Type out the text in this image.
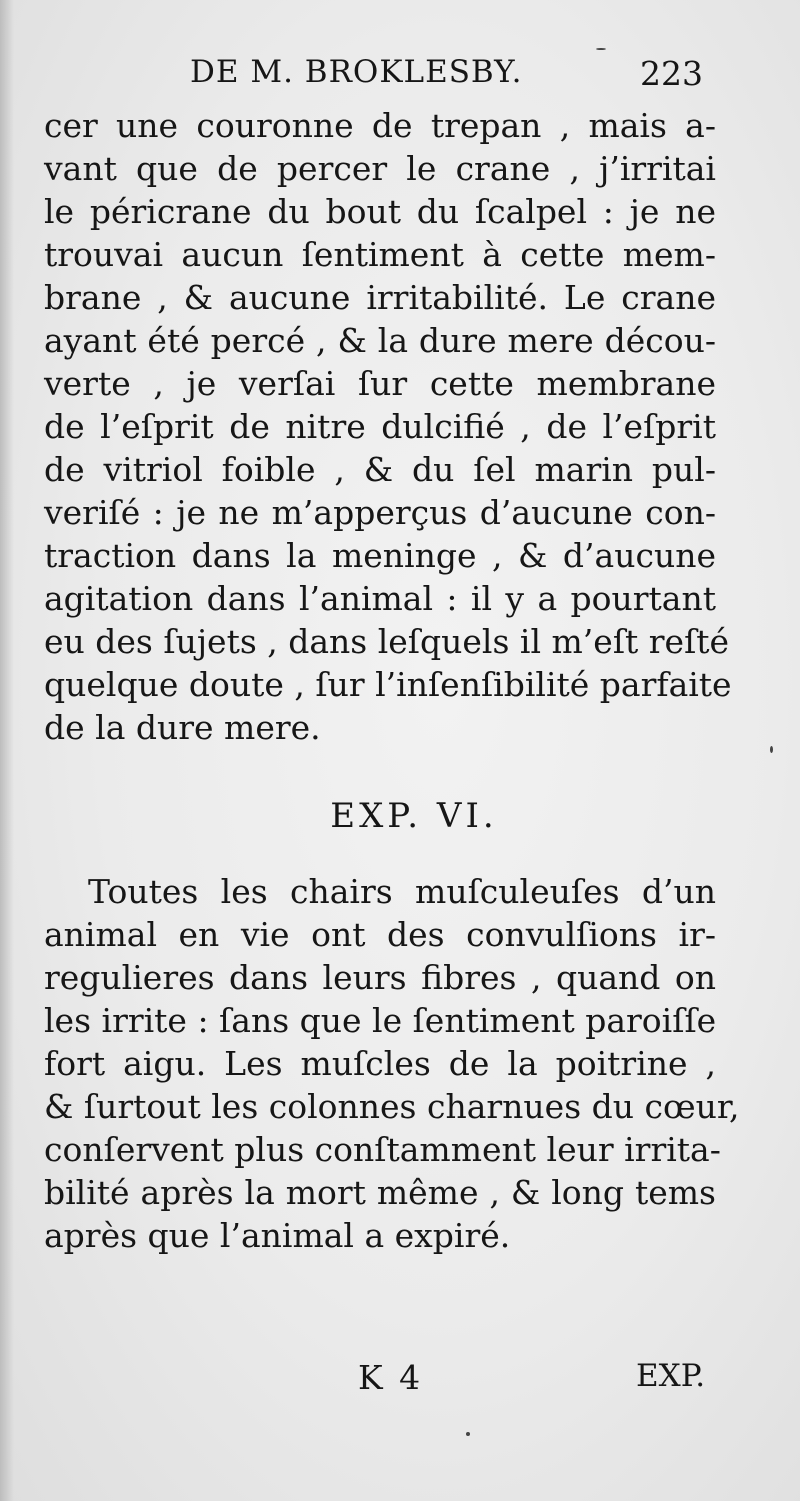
DE M. BROKLESBY.	223
cer une couronne de trepan , mais a-
vant que de percer le crane , j’irritai
le péricrane du bout du ſcalpel : je ne
trouvai aucun ſentiment à cette mem-
brane , & aucune irritabilité. Le crane
ayant été percé , & la dure mere décou-
verte , je verſai ſur cette membrane
de l’eſprit de nitre dulcifié , de l’eſprit
de vitriol foible , & du ſel marin pul-
veriſé : je ne m’apperçus d’aucune con-
traction dans la meninge , & d’aucune
agitation dans l’animal : il y a pourtant
eu des ſujets , dans leſquels il m’eſt reſté
quelque doute , ſur l’inſenſibilité parfaite
de la dure mere.
EXP. VI.
Toutes les chairs muſculeuſes d’un
animal en vie ont des convulſions ir-
regulieres dans leurs fibres , quand on
les irrite : ſans que le ſentiment paroiſſe
fort aigu. Les muſcles de la poitrine ,
& ſurtout les colonnes charnues du cœur,
conſervent plus conſtamment leur irrita-
bilité après la mort même , & long tems
après que l’animal a expiré.
K 4	EXP.
